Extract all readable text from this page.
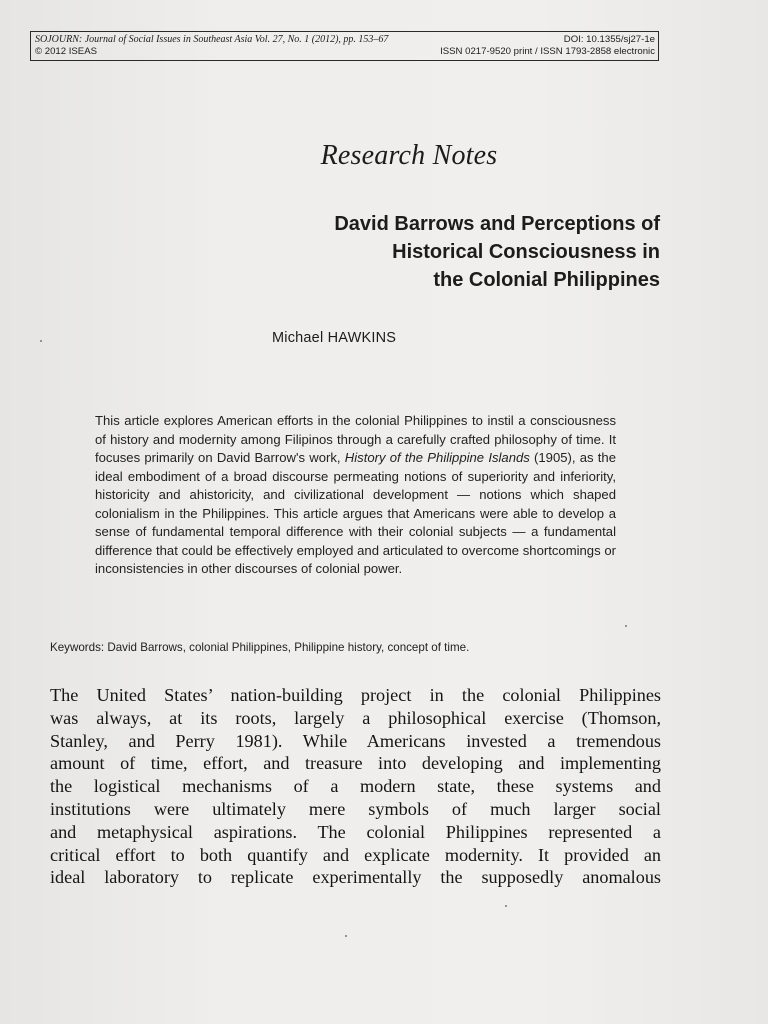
SOJOURN: Journal of Social Issues in Southeast Asia Vol. 27, No. 1 (2012), pp. 153–67	DOI: 10.1355/sj27-1e
© 2012 ISEAS	ISSN 0217-9520 print / ISSN 1793-2858 electronic
Research Notes
David Barrows and Perceptions of
Historical Consciousness in
the Colonial Philippines
Michael HAWKINS
This article explores American efforts in the colonial Philippines to instil a consciousness of history and modernity among Filipinos through a carefully crafted philosophy of time. It focuses primarily on David Barrow's work, History of the Philippine Islands (1905), as the ideal embodiment of a broad discourse permeating notions of superiority and inferiority, historicity and ahistoricity, and civilizational development — notions which shaped colonialism in the Philippines. This article argues that Americans were able to develop a sense of fundamental temporal difference with their colonial subjects — a fundamental difference that could be effectively employed and articulated to overcome shortcomings or inconsistencies in other discourses of colonial power.
Keywords: David Barrows, colonial Philippines, Philippine history, concept of time.
The United States’ nation-building project in the colonial Philippines
was always, at its roots, largely a philosophical exercise (Thomson,
Stanley, and Perry 1981). While Americans invested a tremendous
amount of time, effort, and treasure into developing and implementing
the logistical mechanisms of a modern state, these systems and
institutions were ultimately mere symbols of much larger social
and metaphysical aspirations. The colonial Philippines represented a
critical effort to both quantify and explicate modernity. It provided an
ideal laboratory to replicate experimentally the supposedly anomalous
